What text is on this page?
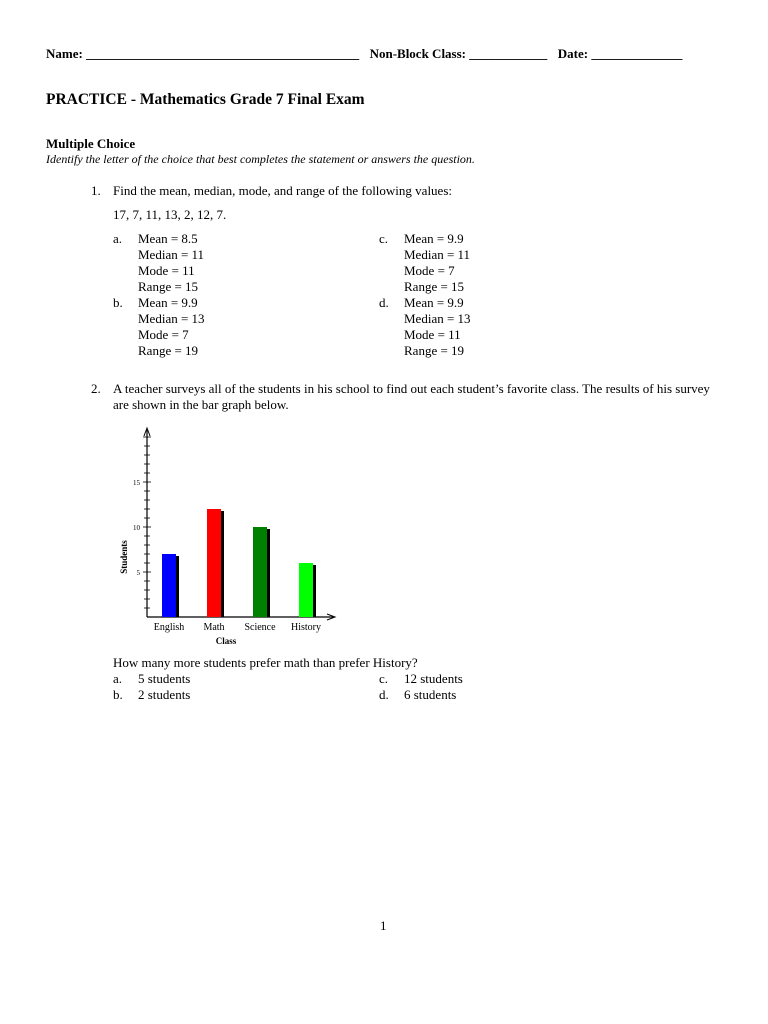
Name: __________________________________________ Non-Block Class: ____________ Date: ______________
PRACTICE - Mathematics Grade 7 Final Exam
Multiple Choice
Identify the letter of the choice that best completes the statement or answers the question.
1. Find the mean, median, mode, and range of the following values:
17, 7, 11, 13, 2, 12, 7.
a. Mean = 8.5
Median = 11
Mode = 11
Range = 15
b. Mean = 9.9
Median = 13
Mode = 7
Range = 19
c. Mean = 9.9
Median = 11
Mode = 7
Range = 15
d. Mean = 9.9
Median = 13
Mode = 11
Range = 19
2. A teacher surveys all of the students in his school to find out each student’s favorite class. The results of his survey are shown in the bar graph below.
5
10
15
English Math Science History
Class
Students
How many more students prefer math than prefer History?
a. 5 students
b. 2 students
c. 12 students
d. 6 students
1
